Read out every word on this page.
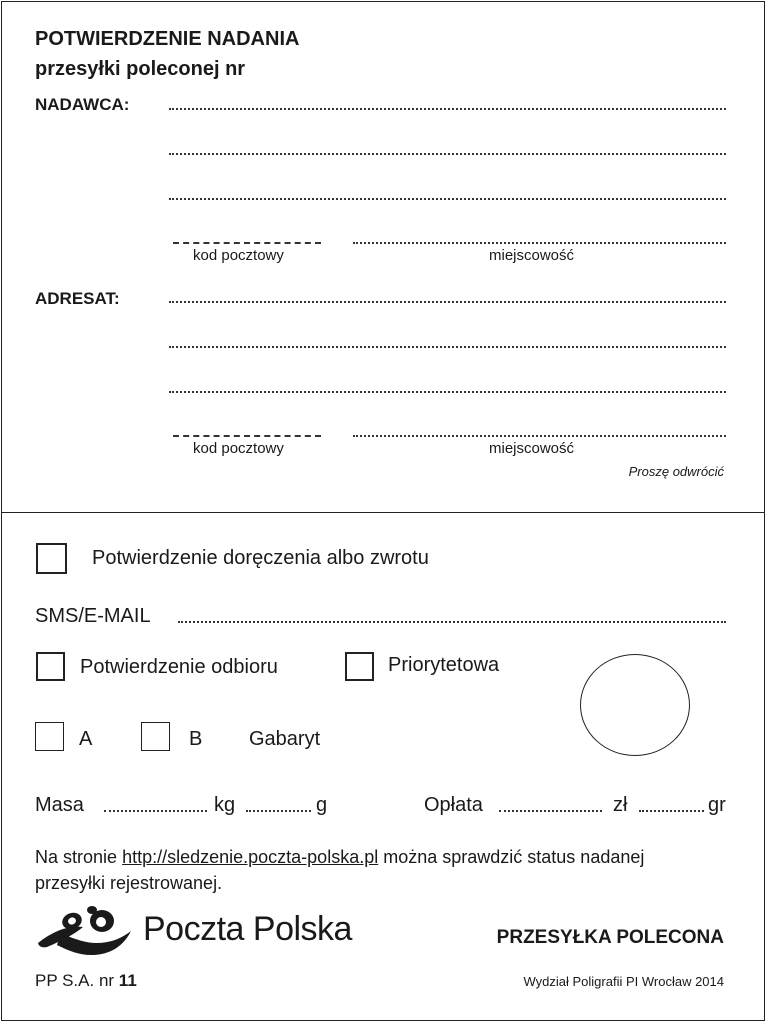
POTWIERDZENIE NADANIA
przesyłki poleconej nr
NADAWCA:
kod pocztowy	miejscowość
ADRESAT:
kod pocztowy	miejscowość
Proszę odwrócić
Potwierdzenie doręczenia albo zwrotu
SMS/E-MAIL
Potwierdzenie odbioru	Priorytetowa
A	B Gabaryt
Masa	kg	g	Opłata	zł	gr
Na stronie http://sledzenie.poczta-polska.pl można sprawdzić status nadanej
przesyłki rejestrowanej.
Poczta Polska	PRZESYŁKA POLECONA
PP S.A. nr 11	Wydział Poligrafii PI Wrocław 2014
